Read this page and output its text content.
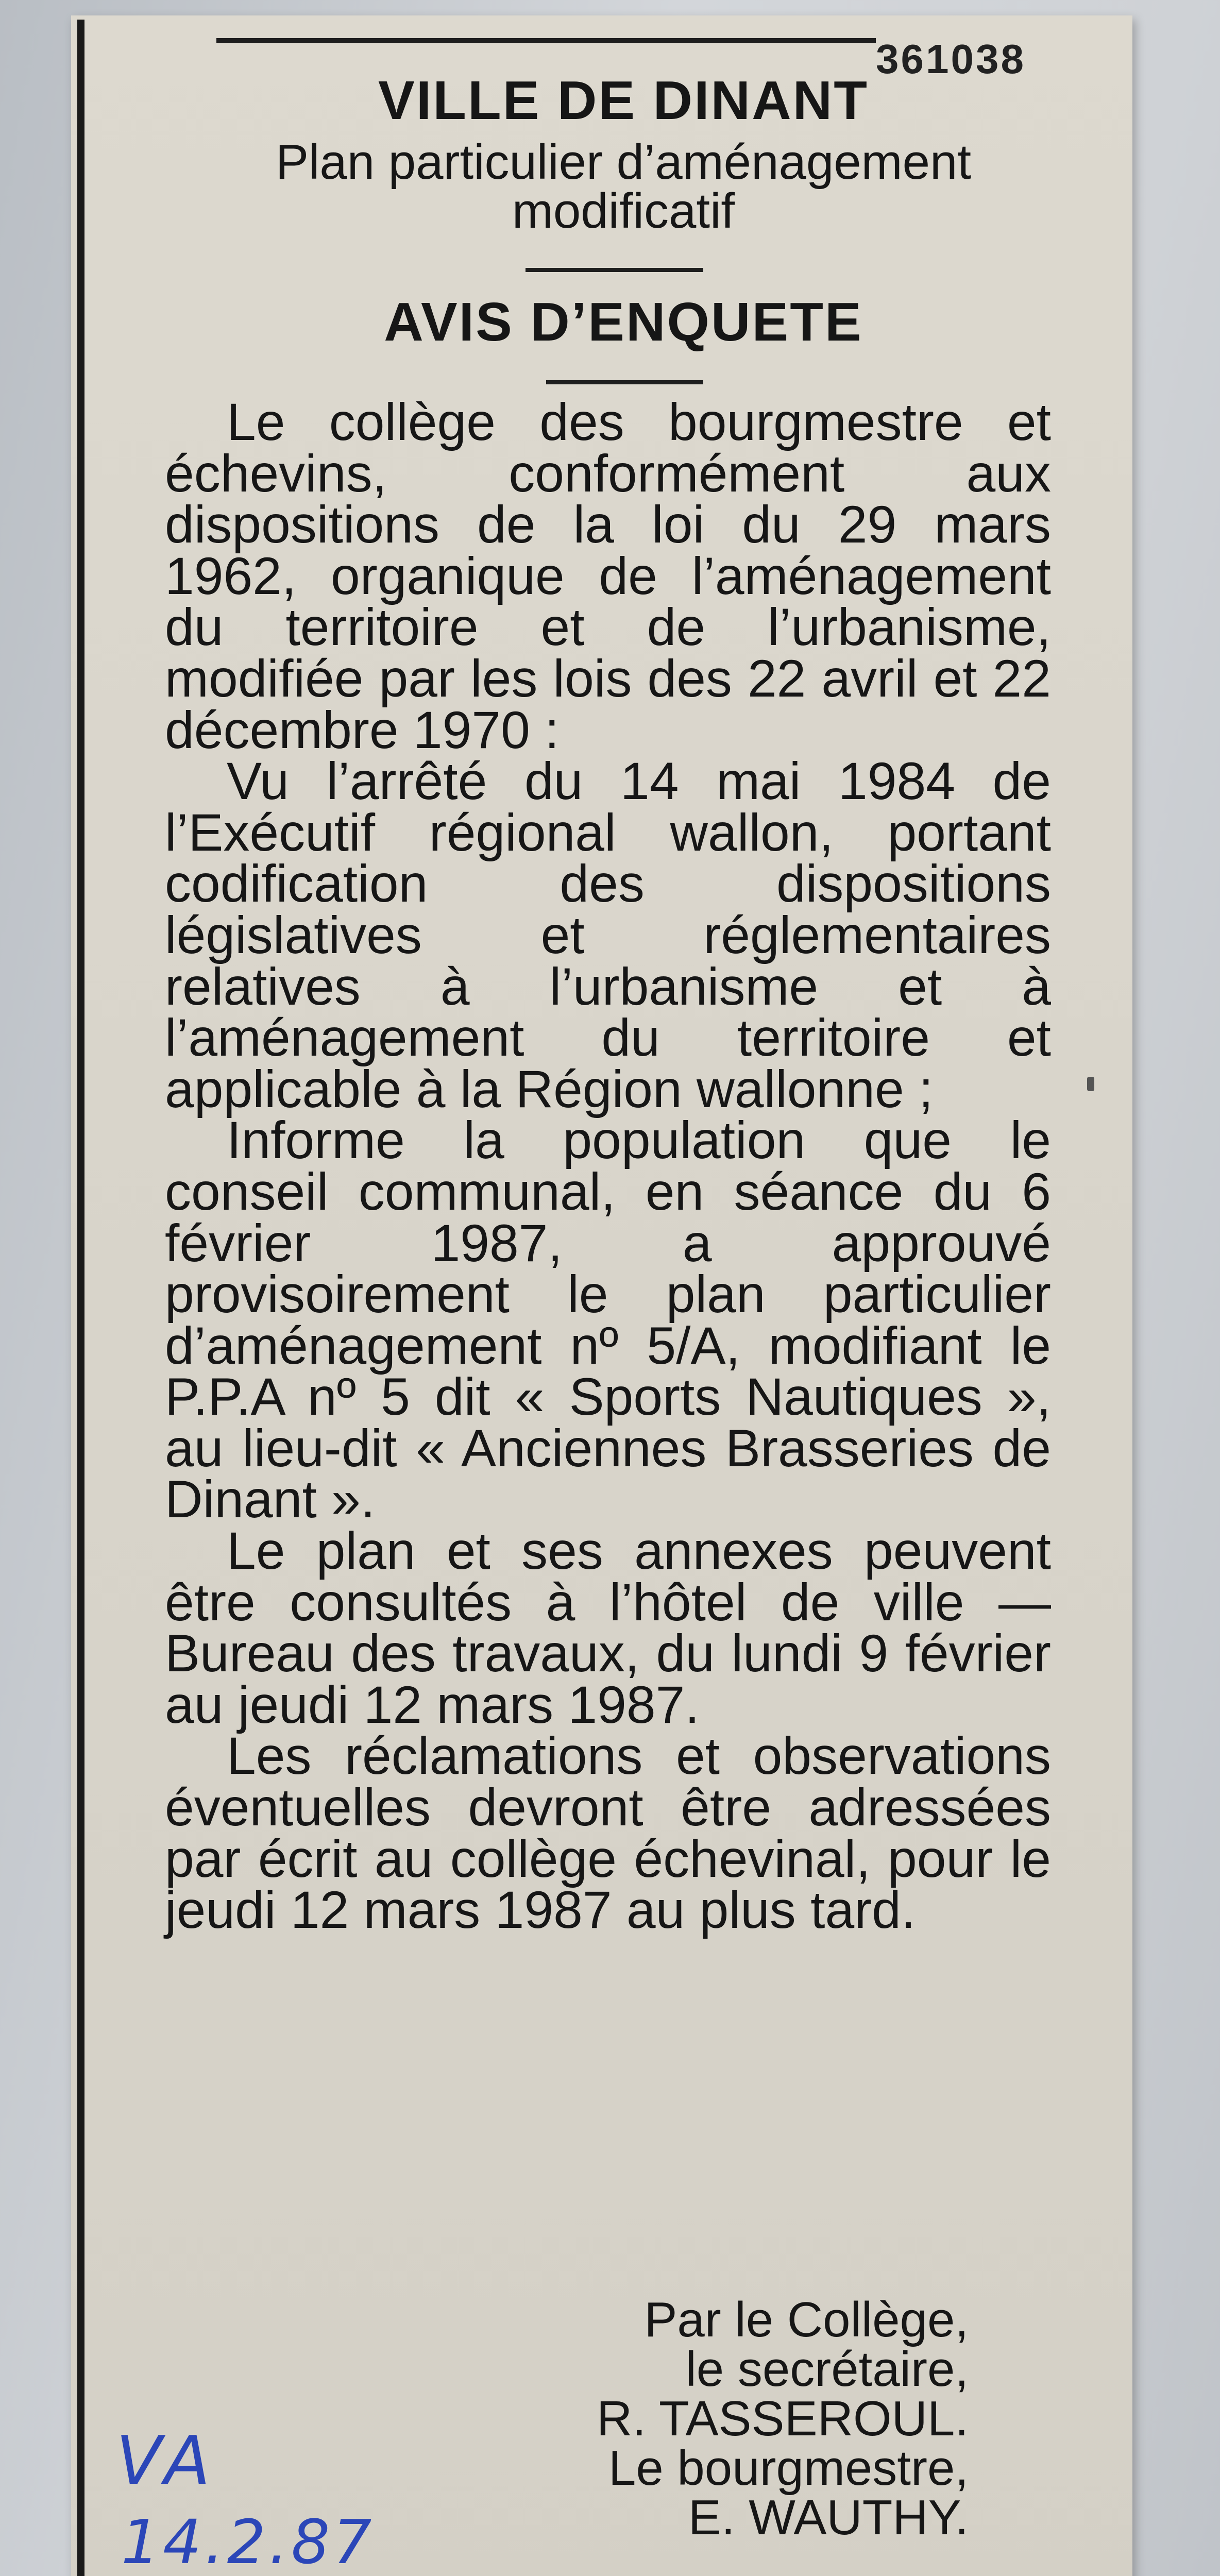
VILLE DE DINANT
Plan particulier d’aménagement
modificatif
AVIS D’ENQUETE
Le collège des bourgmestre et échevins, conformément aux dispositions de la loi du 29 mars 1962, organique de l’aménagement du territoire et de l’urbanisme, modifiée par les lois des 22 avril et 22 décembre 1970 :
Vu l’arrêté du 14 mai 1984 de l’Exécutif régional wallon, portant codification des dispositions législatives et réglementaires relatives à l’urbanisme et à l’aménagement du territoire et applicable à la Région wallonne ;
Informe la population que le conseil communal, en séance du 6 février 1987, a approuvé provisoirement le plan particulier d’aménagement nº 5/A, modifiant le P.P.A nº 5 dit « Sports Nautiques », au lieu-dit « Anciennes Brasseries de Dinant ».
Le plan et ses annexes peuvent être consultés à l’hôtel de ville — Bureau des travaux, du lundi 9 février au jeudi 12 mars 1987.
Les réclamations et observations éventuelles devront être adressées par écrit au collège échevinal, pour le jeudi 12 mars 1987 au plus tard.
Par le Collège,
le secrétaire,
R. TASSEROUL.
Le bourgmestre,
E. WAUTHY.
VA
14.2.87
